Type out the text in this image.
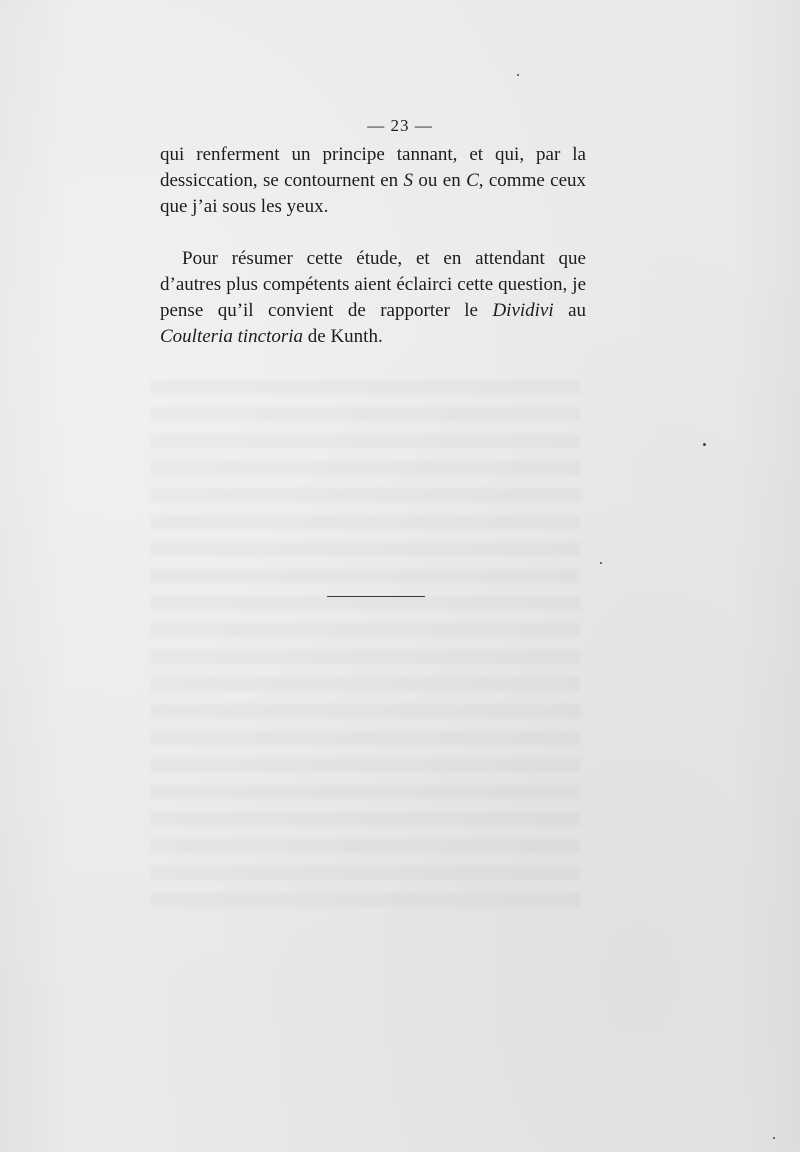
— 23 —

qui renferment un principe tannant, et qui, par la dessiccation, se contournent en S ou en C, comme ceux que j’ai sous les yeux.

Pour résumer cette étude, et en attendant que d’autres plus compétents aient éclairci cette question, je pense qu’il convient de rapporter le Dividivi au Coulteria tinctoria de Kunth.
